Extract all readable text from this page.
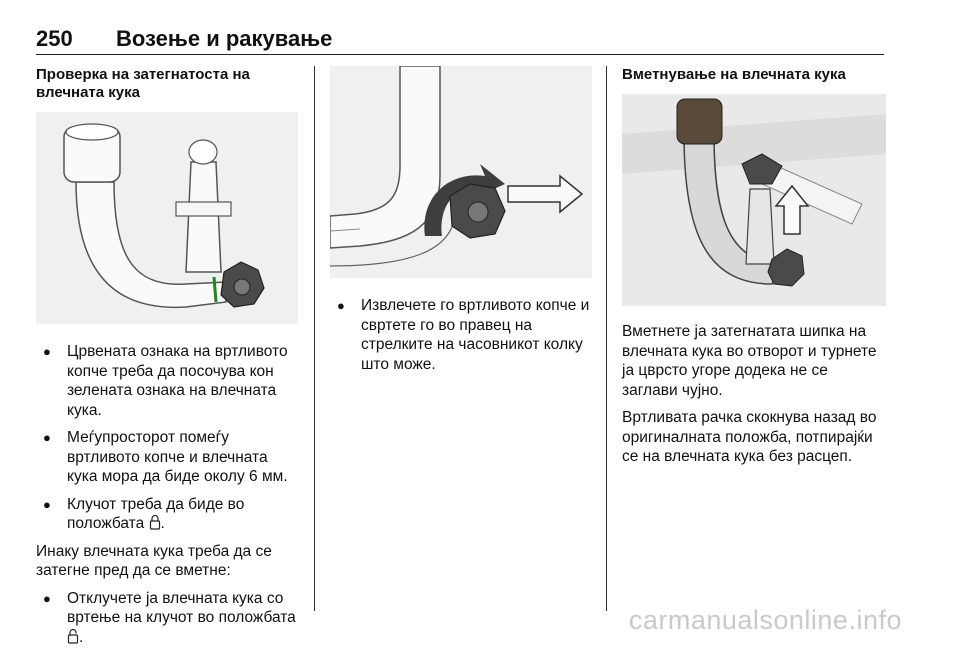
250 Возење и ракување
Проверка на затегнатоста на влечната кука
● Црвената ознака на вртливото копче треба да посочува кон зелената ознака на влечната кука.
● Меѓупросторот помеѓу вртливото копче и влечната кука мора да биде околу 6 мм.
● Клучот треба да биде во положбата .

Инаку влечната кука треба да се затегне пред да се вметне:

● Отклучете ја влечната кука со вртење на клучот во положбата .
● Извлечете го вртливото копче и свртете го во правец на стрелките на часовникот колку што може.
Вметнување на влечната кука

Вметнете ја затегнатата шипка на влечната кука во отворот и турнете ја цврсто угоре додека не се заглави чујно.

Вртливата рачка скокнува назад во оригиналната положба, потпирајќи се на влечната кука без расцеп.

carmanualsonline.info
